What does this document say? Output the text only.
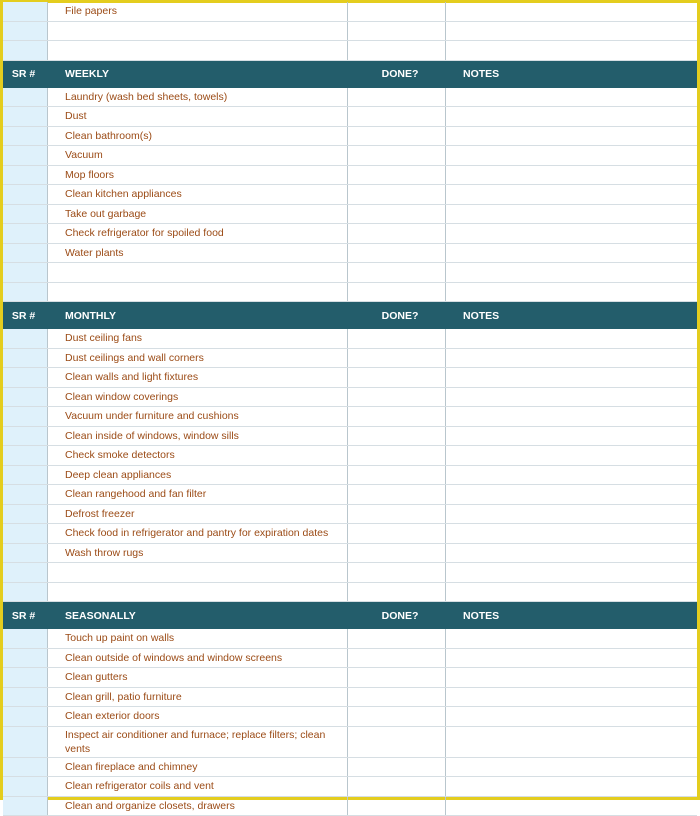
File papers
SR #	WEEKLY	DONE?	NOTES
Laundry (wash bed sheets, towels)
Dust
Clean bathroom(s)
Vacuum
Mop floors
Clean kitchen appliances
Take out garbage
Check refrigerator for spoiled food
Water plants
SR #	MONTHLY	DONE?	NOTES
Dust ceiling fans
Dust ceilings and wall corners
Clean walls and light fixtures
Clean window coverings
Vacuum under furniture and cushions
Clean inside of windows, window sills
Check smoke detectors
Deep clean appliances
Clean rangehood and fan filter
Defrost freezer
Check food in refrigerator and pantry for expiration dates
Wash throw rugs
SR #	SEASONALLY	DONE?	NOTES
Touch up paint on walls
Clean outside of windows and window screens
Clean gutters
Clean grill, patio furniture
Clean exterior doors
Inspect air conditioner and furnace; replace filters; clean vents
Clean fireplace and chimney
Clean refrigerator coils and vent
Clean and organize closets, drawers
